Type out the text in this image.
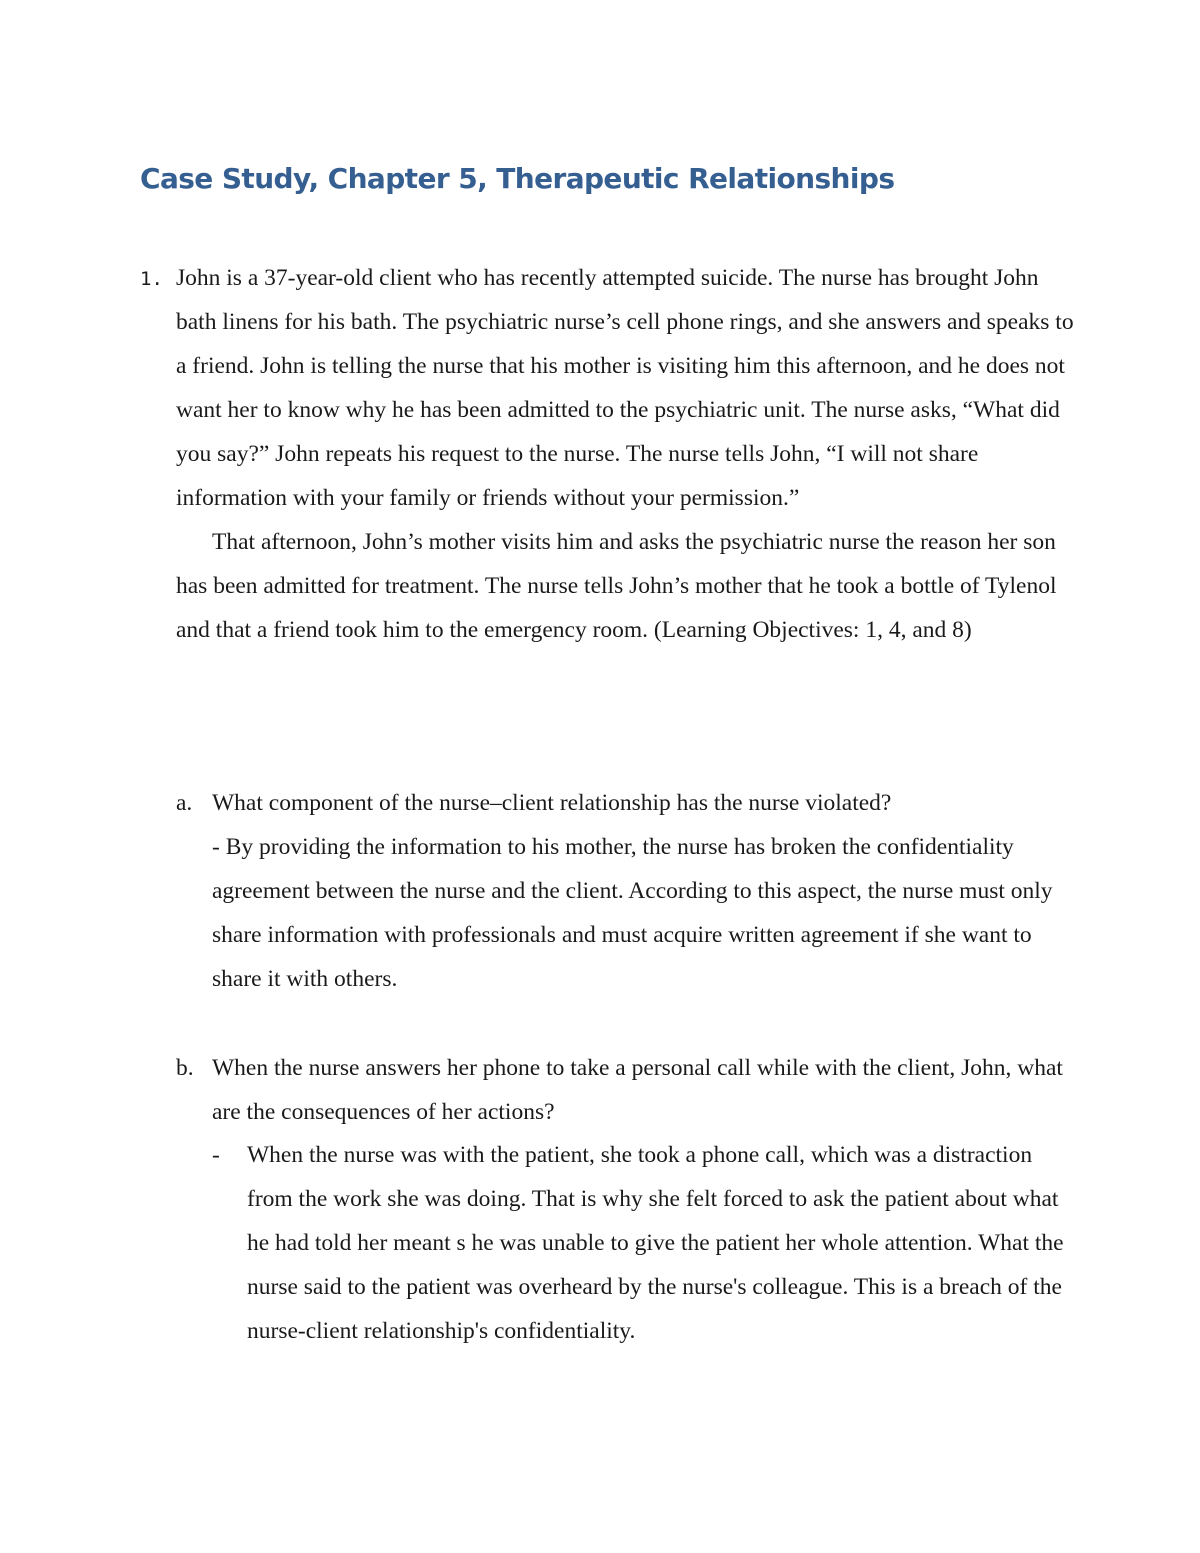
Case Study, Chapter 5, Therapeutic Relationships
1. John is a 37-year-old client who has recently attempted suicide. The nurse has brought John bath linens for his bath. The psychiatric nurse’s cell phone rings, and she answers and speaks to a friend. John is telling the nurse that his mother is visiting him this afternoon, and he does not want her to know why he has been admitted to the psychiatric unit. The nurse asks, “What did you say?” John repeats his request to the nurse. The nurse tells John, “I will not share information with your family or friends without your permission.”

That afternoon, John’s mother visits him and asks the psychiatric nurse the reason her son has been admitted for treatment. The nurse tells John’s mother that he took a bottle of Tylenol and that a friend took him to the emergency room. (Learning Objectives: 1, 4, and 8)

a. What component of the nurse–client relationship has the nurse violated?

- By providing the information to his mother, the nurse has broken the confidentiality agreement between the nurse and the client. According to this aspect, the nurse must only share information with professionals and must acquire written agreement if she want to share it with others.

b. When the nurse answers her phone to take a personal call while with the client, John, what are the consequences of her actions?

- When the nurse was with the patient, she took a phone call, which was a distraction from the work she was doing. That is why she felt forced to ask the patient about what he had told her meant s he was unable to give the patient her whole attention. What the nurse said to the patient was overheard by the nurse's colleague. This is a breach of the nurse-client relationship's confidentiality.
